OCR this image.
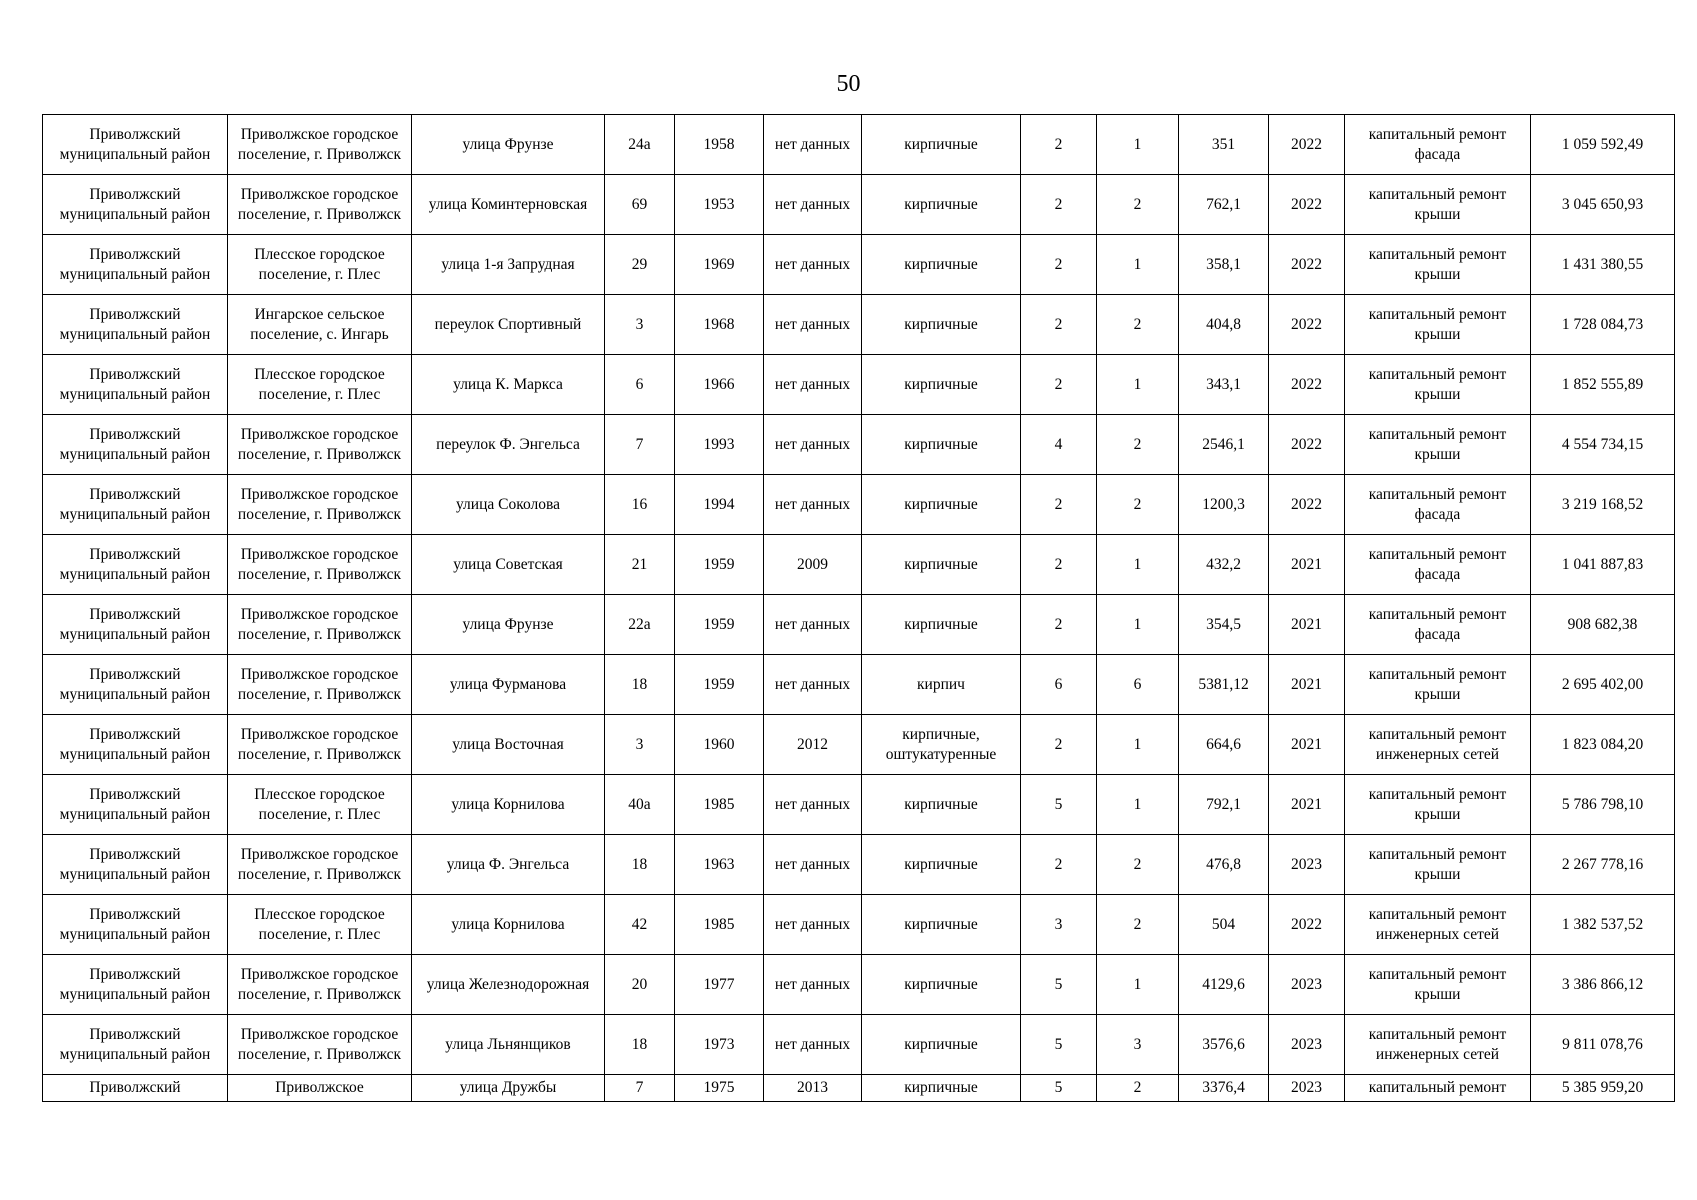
50
Приволжский муниципальный район	Приволжское городское поселение, г. Приволжск	улица Фрунзе	24а	1958	нет данных	кирпичные	2	1	351	2022	капитальный ремонт фасада	1 059 592,49
Приволжский муниципальный район	Приволжское городское поселение, г. Приволжск	улица Коминтерновская	69	1953	нет данных	кирпичные	2	2	762,1	2022	капитальный ремонт крыши	3 045 650,93
Приволжский муниципальный район	Плесское городское поселение, г. Плес	улица 1-я Запрудная	29	1969	нет данных	кирпичные	2	1	358,1	2022	капитальный ремонт крыши	1 431 380,55
Приволжский муниципальный район	Ингарское сельское поселение, с. Ингарь	переулок Спортивный	3	1968	нет данных	кирпичные	2	2	404,8	2022	капитальный ремонт крыши	1 728 084,73
Приволжский муниципальный район	Плесское городское поселение, г. Плес	улица К. Маркса	6	1966	нет данных	кирпичные	2	1	343,1	2022	капитальный ремонт крыши	1 852 555,89
Приволжский муниципальный район	Приволжское городское поселение, г. Приволжск	переулок Ф. Энгельса	7	1993	нет данных	кирпичные	4	2	2546,1	2022	капитальный ремонт крыши	4 554 734,15
Приволжский муниципальный район	Приволжское городское поселение, г. Приволжск	улица Соколова	16	1994	нет данных	кирпичные	2	2	1200,3	2022	капитальный ремонт фасада	3 219 168,52
Приволжский муниципальный район	Приволжское городское поселение, г. Приволжск	улица Советская	21	1959	2009	кирпичные	2	1	432,2	2021	капитальный ремонт фасада	1 041 887,83
Приволжский муниципальный район	Приволжское городское поселение, г. Приволжск	улица Фрунзе	22а	1959	нет данных	кирпичные	2	1	354,5	2021	капитальный ремонт фасада	908 682,38
Приволжский муниципальный район	Приволжское городское поселение, г. Приволжск	улица Фурманова	18	1959	нет данных	кирпич	6	6	5381,12	2021	капитальный ремонт крыши	2 695 402,00
Приволжский муниципальный район	Приволжское городское поселение, г. Приволжск	улица Восточная	3	1960	2012	кирпичные, оштукатуренные	2	1	664,6	2021	капитальный ремонт инженерных сетей	1 823 084,20
Приволжский муниципальный район	Плесское городское поселение, г. Плес	улица Корнилова	40а	1985	нет данных	кирпичные	5	1	792,1	2021	капитальный ремонт крыши	5 786 798,10
Приволжский муниципальный район	Приволжское городское поселение, г. Приволжск	улица Ф. Энгельса	18	1963	нет данных	кирпичные	2	2	476,8	2023	капитальный ремонт крыши	2 267 778,16
Приволжский муниципальный район	Плесское городское поселение, г. Плес	улица Корнилова	42	1985	нет данных	кирпичные	3	2	504	2022	капитальный ремонт инженерных сетей	1 382 537,52
Приволжский муниципальный район	Приволжское городское поселение, г. Приволжск	улица Железнодорожная	20	1977	нет данных	кирпичные	5	1	4129,6	2023	капитальный ремонт крыши	3 386 866,12
Приволжский муниципальный район	Приволжское городское поселение, г. Приволжск	улица Льнянщиков	18	1973	нет данных	кирпичные	5	3	3576,6	2023	капитальный ремонт инженерных сетей	9 811 078,76
Приволжский	Приволжское	улица Дружбы	7	1975	2013	кирпичные	5	2	3376,4	2023	капитальный ремонт	5 385 959,20
